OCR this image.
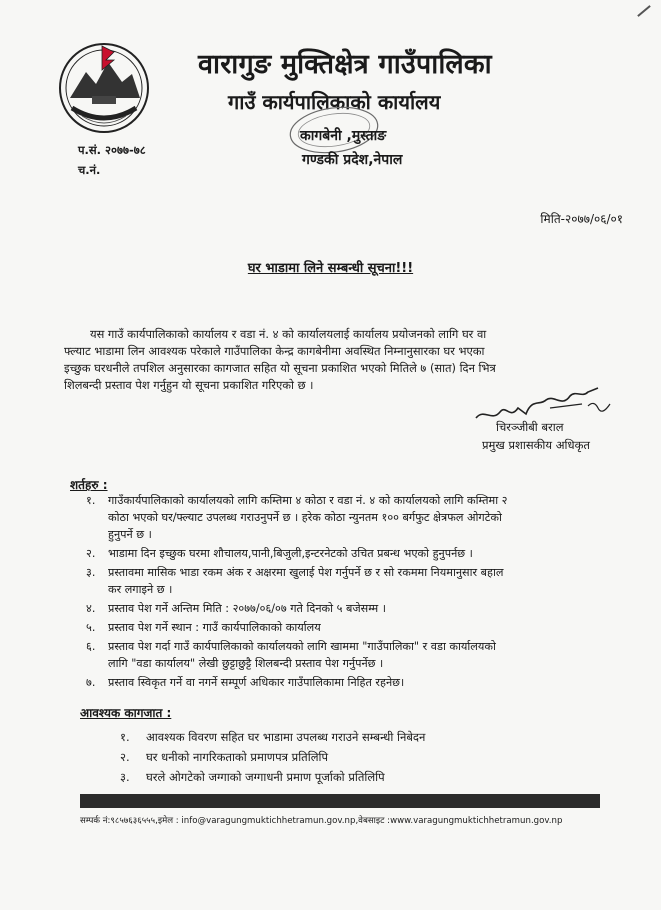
प.सं. २०७७-७८
च.नं.
वारागुङ मुक्तिक्षेत्र गाउँपालिका
गाउँ कार्यपालिकाको कार्यालय
कागबेनी ,मुस्ताङ
गण्डकी प्रदेश,नेपाल
मिति-२०७७/०६/०१
घर भाडामा लिने सम्बन्धी सूचना!!!
यस गाउँ कार्यपालिकाको कार्यालय र वडा नं. ४ को कार्यालयलाई कार्यालय प्रयोजनको लागि घर वा
फ्ल्याट भाडामा लिन आवश्यक परेकाले गाउँपालिका केन्द्र कागबेनीमा अवस्थित निम्नानुसारका घर भएका
इच्छुक घरधनीले तपशिल अनुसारका कागजात सहित यो सूचना प्रकाशित भएको मितिले ७ (सात) दिन भित्र
शिलबन्दी प्रस्ताव पेश गर्नुहुन यो सूचना प्रकाशित गरिएको छ ।
चिरञ्जीबी बराल
प्रमुख प्रशासकीय अधिकृत
शर्तहरु :
१.	गाउँकार्यपालिकाको कार्यालयको लागि कम्तिमा ४ कोठा र वडा नं. ४ को कार्यालयको लागि कम्तिमा २
कोठा भएको घर/फ्ल्याट उपलब्ध गराउनुपर्ने छ । हरेक कोठा न्युनतम १०० बर्गफुट क्षेत्रफल ओगटेको
हुनुपर्ने छ ।
२.	भाडामा दिन इच्छुक घरमा शौचालय,पानी,बिजुली,इन्टरनेटको उचित प्रबन्ध भएको हुनुपर्नछ ।
३.	प्रस्तावमा मासिक भाडा रकम अंक र अक्षरमा खुलाई पेश गर्नुपर्ने छ र सो रकममा नियमानुसार बहाल
कर लगाइने छ ।
४.	प्रस्ताव पेश गर्ने अन्तिम मिति : २०७७/०६/०७ गते दिनको ५ बजेसम्म ।
५.	प्रस्ताव पेश गर्ने स्थान : गाउँ कार्यपालिकाको कार्यालय
६.	प्रस्ताव पेश गर्दा गाउँ कार्यपालिकाको कार्यालयको लागि खाममा "गाउँपालिका" र वडा कार्यालयको
लागि "वडा कार्यालय" लेखी छुट्टाछुट्टै शिलबन्दी प्रस्ताव पेश गर्नुपर्नेछ ।
७.	प्रस्ताव स्विकृत गर्ने वा नगर्ने सम्पूर्ण अधिकार गाउँपालिकामा निहित रहनेछ।
आवश्यक कागजात :
१.	आवश्यक विवरण सहित घर भाडामा उपलब्ध गराउने सम्बन्धी निबेदन
२.	घर धनीको नागरिकताको प्रमाणपत्र प्रतिलिपि
३.	घरले ओगटेको जग्गाको जग्गाधनी प्रमाण पूर्जाको प्रतिलिपि
सम्पर्क नं:९८५७६३६५५५,इमेल : info@varagungmuktichhetramun.gov.np,वेबसाइट :www.varagungmuktichhetramun.gov.np
